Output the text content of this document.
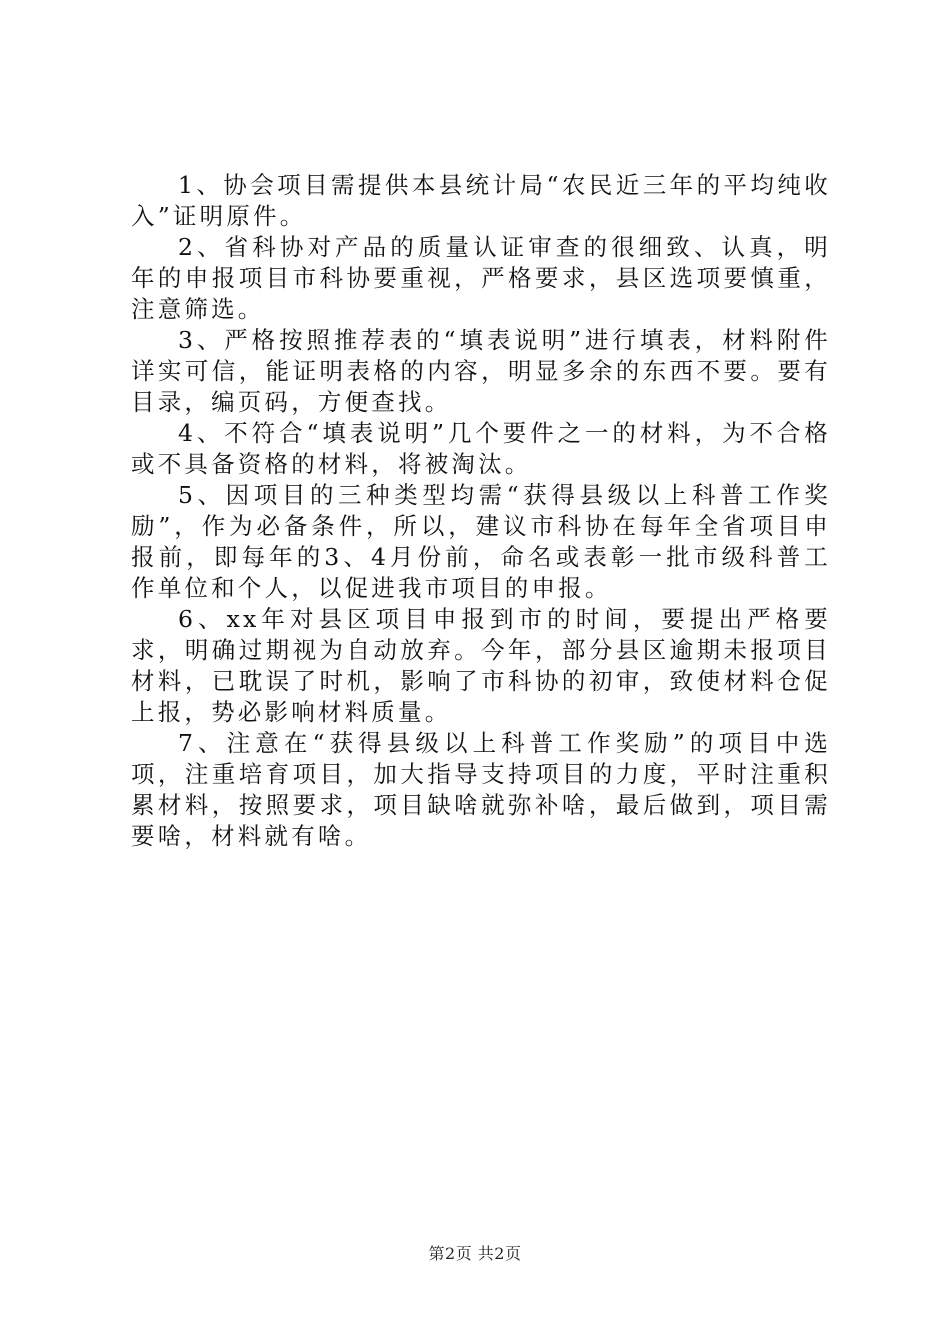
1、协会项目需提供本县统计局“农民近三年的平均纯收入”证明原件。

2、省科协对产品的质量认证审查的很细致、认真，明年的申报项目市科协要重视，严格要求，县区选项要慎重，注意筛选。

3、严格按照推荐表的“填表说明”进行填表，材料附件详实可信，能证明表格的内容，明显多余的东西不要。要有目录，编页码，方便查找。

4、不符合“填表说明”几个要件之一的材料，为不合格或不具备资格的材料，将被淘汰。

5、因项目的三种类型均需“获得县级以上科普工作奖励”，作为必备条件，所以，建议市科协在每年全省项目申报前，即每年的3、4月份前，命名或表彰一批市级科普工作单位和个人，以促进我市项目的申报。

6、xx年对县区项目申报到市的时间，要提出严格要求，明确过期视为自动放弃。今年，部分县区逾期未报项目材料，已耽误了时机，影响了市科协的初审，致使材料仓促上报，势必影响材料质量。

7、注意在“获得县级以上科普工作奖励”的项目中选项，注重培育项目，加大指导支持项目的力度，平时注重积累材料，按照要求，项目缺啥就弥补啥，最后做到，项目需要啥，材料就有啥。

第2页 共2页
